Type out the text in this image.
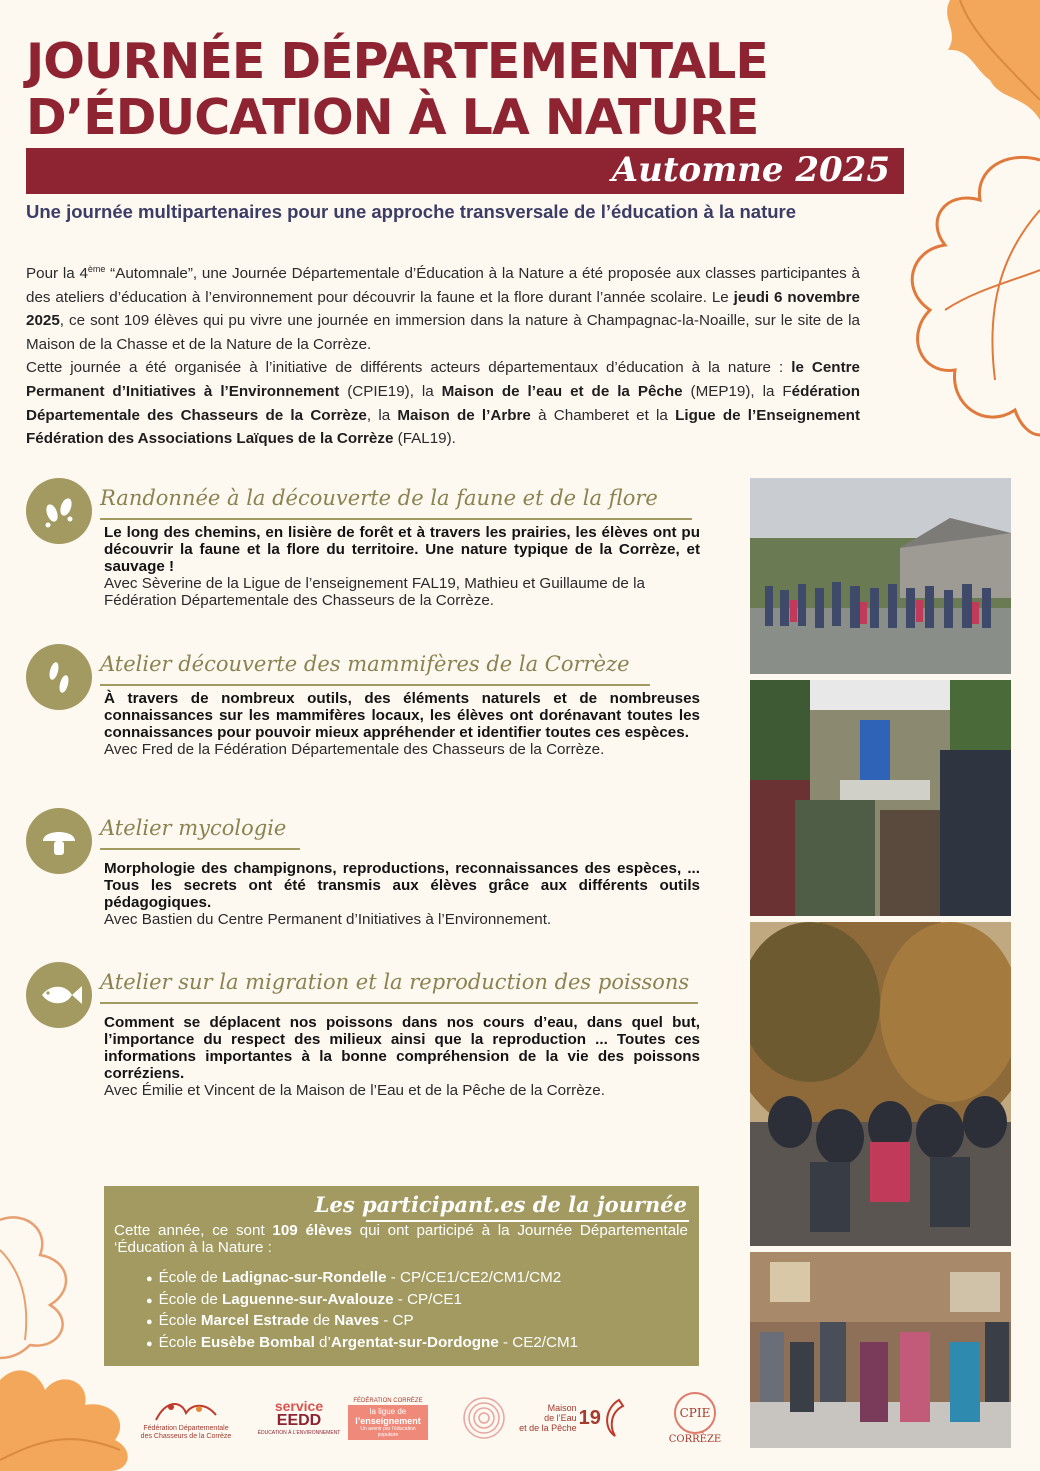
JOURNÉE DÉPARTEMENTALE
D’ÉDUCATION À LA NATURE
Automne 2025
Une journée multipartenaires pour une approche transversale de l’éducation à la nature

Pour la 4ème “Automnale”, une Journée Départementale d’Éducation à la Nature a été proposée aux classes participantes à des ateliers d’éducation à l’environnement pour découvrir la faune et la flore durant l’année scolaire. Le jeudi 6 novembre 2025, ce sont 109 élèves qui pu vivre une journée en immersion dans la nature à Champagnac-la-Noaille, sur le site de la Maison de la Chasse et de la Nature de la Corrèze.

Cette journée a été organisée à l’initiative de différents acteurs départementaux d’éducation à la nature : le Centre Permanent d’Initiatives à l’Environnement (CPIE19), la Maison de l’eau et de la Pêche (MEP19), la Fédération Départementale des Chasseurs de la Corrèze, la Maison de l’Arbre à Chamberet et la Ligue de l’Enseignement Fédération des Associations Laïques de la Corrèze (FAL19).

Randonnée à la découverte de la faune et de la flore
Le long des chemins, en lisière de forêt et à travers les prairies, les élèves ont pu découvrir la faune et la flore du territoire. Une nature typique de la Corrèze, et sauvage !
Avec Sèverine de la Ligue de l’enseignement FAL19, Mathieu et Guillaume de la Fédération Départementale des Chasseurs de la Corrèze.
Atelier découverte des mammifères de la Corrèze
À travers de nombreux outils, des éléments naturels et de nombreuses connaissances sur les mammifères locaux, les élèves ont dorénavant toutes les connaissances pour pouvoir mieux appréhender et identifier toutes ces espèces.
Avec Fred de la Fédération Départementale des Chasseurs de la Corrèze.
Atelier mycologie
Morphologie des champignons, reproductions, reconnaissances des espèces, ... Tous les secrets ont été transmis aux élèves grâce aux différents outils pédagogiques.
Avec Bastien du Centre Permanent d’Initiatives à l’Environnement.
Atelier sur la migration et la reproduction des poissons
Comment se déplacent nos poissons dans nos cours d’eau, dans quel but, l’importance du respect des milieux ainsi que la reproduction ... Toutes ces informations importantes à la bonne compréhension de la vie des poissons corréziens.
Avec Émilie et Vincent de la Maison de l’Eau et de la Pêche de la Corrèze.
Les participant.es de la journée
Cette année, ce sont 109 élèves qui ont participé à la Journée Départementale ‘Éducation à la Nature :
● École de Ladignac-sur-Rondelle - CP/CE1/CE2/CM1/CM2
● École de Laguenne-sur-Avalouze - CP/CE1
● École Marcel Estrade de Naves - CP
● École Eusèbe Bombal d’Argentat-sur-Dordogne - CE2/CM1
Fédération Départementale
des Chasseurs de la Corrèze
service
EEDD
ÉDUCATION À L’ENVIRONNEMENT
FÉDÉRATION CORRÈZE
la ligue de
l’enseignement
Un avenir par l’éducation populaire
Maison
de l’Eau
et de la Pêche 19	CPIE
CORRÈZE
